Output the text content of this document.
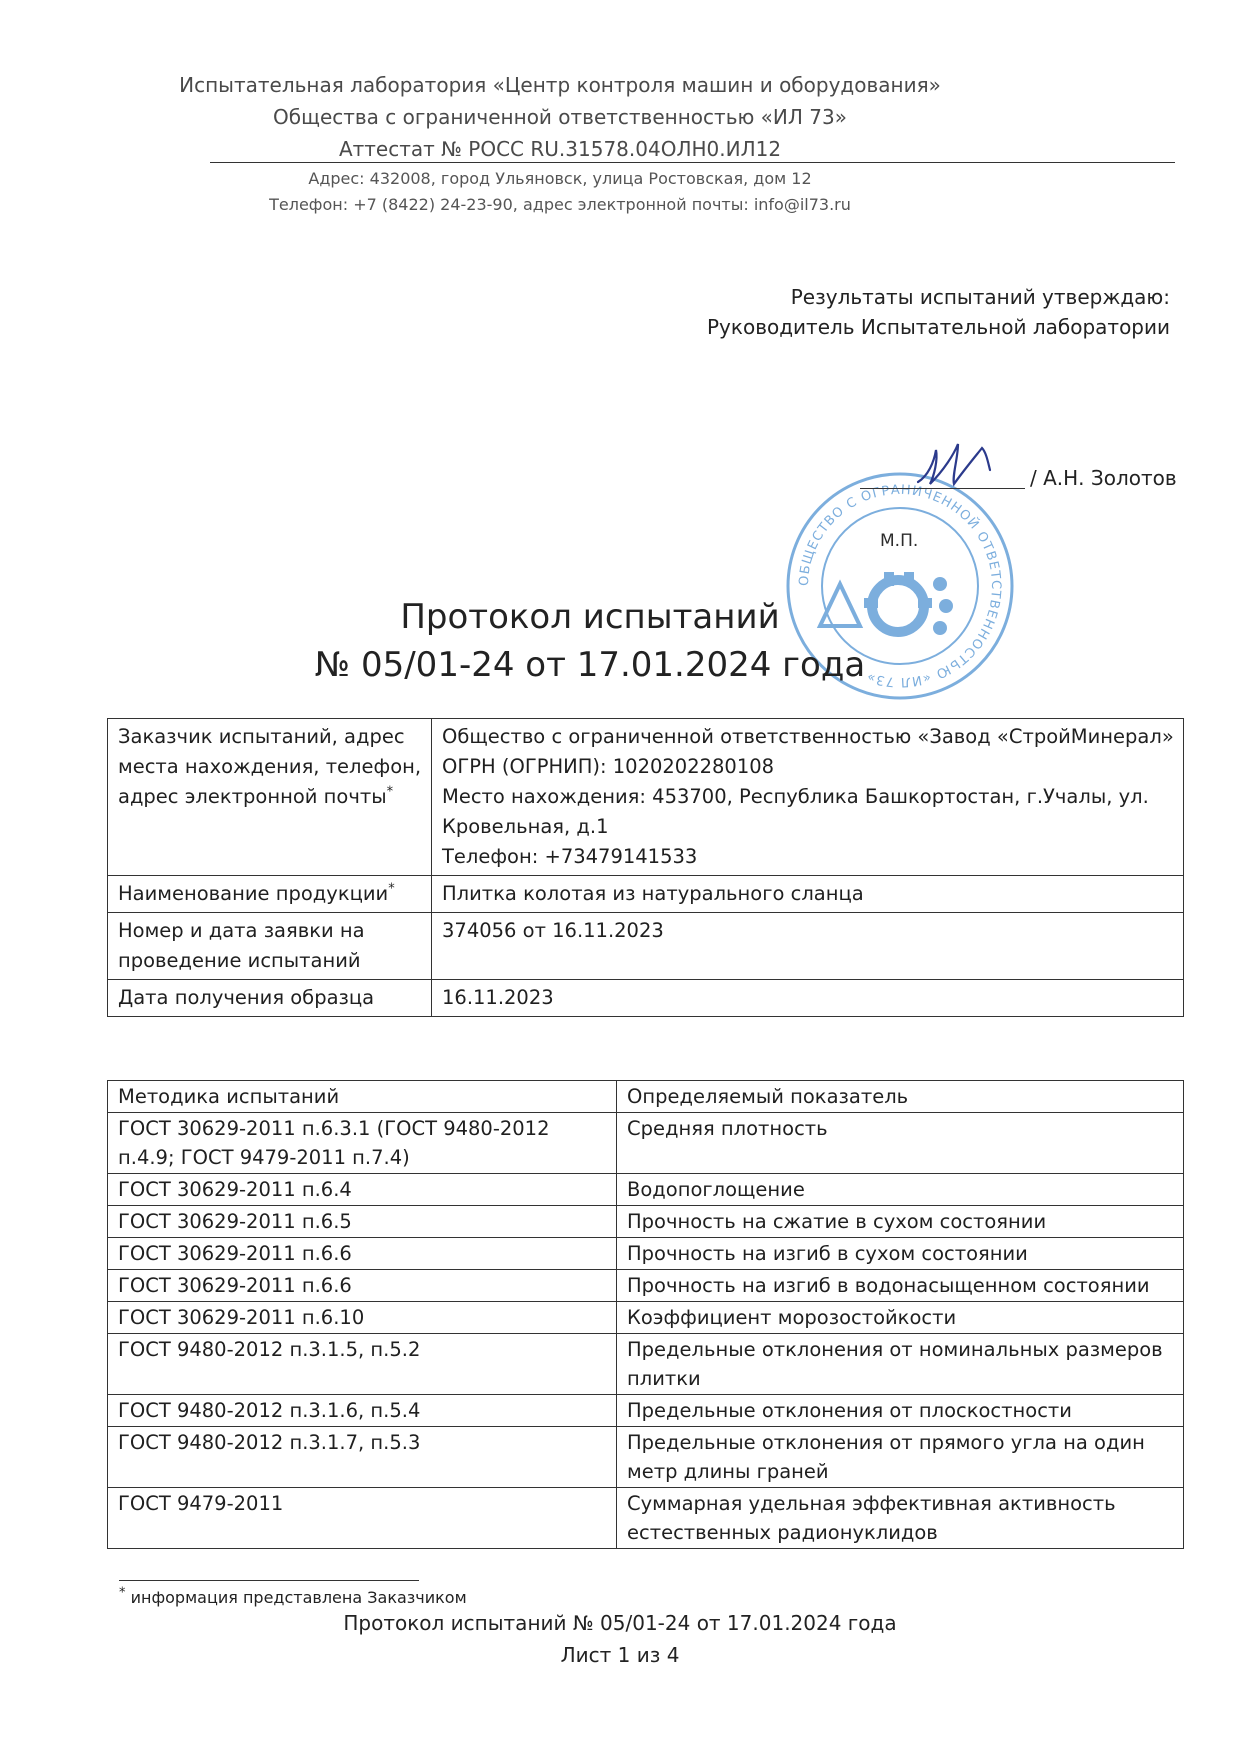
Испытательная лаборатория «Центр контроля машин и оборудования»
Общества с ограниченной ответственностью «ИЛ 73»
Аттестат № РОСС RU.31578.04ОЛН0.ИЛ12
Адрес: 432008, город Ульяновск, улица Ростовская, дом 12
Телефон: +7 (8422) 24-23-90, адрес электронной почты: info@il73.ru
Результаты испытаний утверждаю:
Руководитель Испытательной лаборатории
ОБЩЕСТВО С ОГРАНИЧЕННОЙ ОТВЕТСТВЕННОСТЬЮ «ИЛ 73»
М.П.
/ А.Н. Золотов
Протокол испытаний
№ 05/01-24 от 17.01.2024 года
Заказчик испытаний, адрес места нахождения, телефон, адрес электронной почты*	Общество с ограниченной ответственностью «Завод «СтройМинерал»
ОГРН (ОГРНИП): 1020202280108
Место нахождения: 453700, Республика Башкортостан, г.Учалы, ул. Кровельная, д.1
Телефон: +73479141533

Наименование продукции*	Плитка колотая из натурального сланца
Номер и дата заявки на проведение испытаний	374056 от 16.11.2023
Дата получения образца	16.11.2023
Методика испытаний	Определяемый показатель
ГОСТ 30629-2011 п.6.3.1 (ГОСТ 9480-2012 п.4.9; ГОСТ 9479-2011 п.7.4)	Средняя плотность
ГОСТ 30629-2011 п.6.4	Водопоглощение
ГОСТ 30629-2011 п.6.5	Прочность на сжатие в сухом состоянии
ГОСТ 30629-2011 п.6.6	Прочность на изгиб в сухом состоянии
ГОСТ 30629-2011 п.6.6	Прочность на изгиб в водонасыщенном состоянии
ГОСТ 30629-2011 п.6.10	Коэффициент морозостойкости
ГОСТ 9480-2012 п.3.1.5, п.5.2	Предельные отклонения от номинальных размеров плитки
ГОСТ 9480-2012 п.3.1.6, п.5.4	Предельные отклонения от плоскостности
ГОСТ 9480-2012 п.3.1.7, п.5.3	Предельные отклонения от прямого угла на один метр длины граней
ГОСТ 9479-2011	Суммарная удельная эффективная активность естественных радионуклидов
* информация представлена Заказчиком
Протокол испытаний № 05/01-24 от 17.01.2024 года
Лист 1 из 4
